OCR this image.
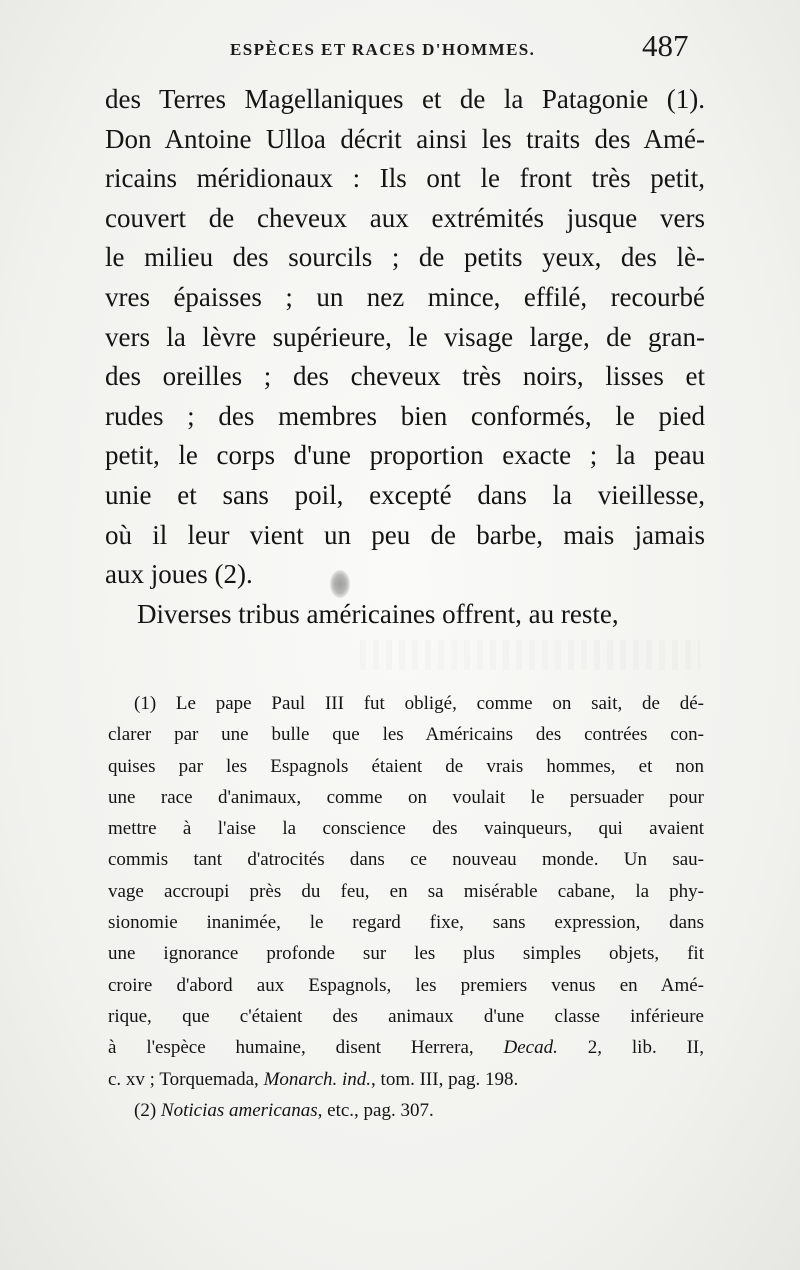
ESPÈCES ET RACES D'HOMMES.	487
des Terres Magellaniques et de la Patagonie (1).
Don Antoine Ulloa décrit ainsi les traits des Amé-
ricains méridionaux : Ils ont le front très petit,
couvert de cheveux aux extrémités jusque vers
le milieu des sourcils ; de petits yeux, des lè-
vres épaisses ; un nez mince, effilé, recourbé
vers la lèvre supérieure, le visage large, de gran-
des oreilles ; des cheveux très noirs, lisses et
rudes ; des membres bien conformés, le pied
petit, le corps d'une proportion exacte ; la peau
unie et sans poil, excepté dans la vieillesse,
où il leur vient un peu de barbe, mais jamais
aux joues (2).
Diverses tribus américaines offrent, au reste,
(1) Le pape Paul III fut obligé, comme on sait, de dé-
clarer par une bulle que les Américains des contrées con-
quises par les Espagnols étaient de vrais hommes, et non
une race d'animaux, comme on voulait le persuader pour
mettre à l'aise la conscience des vainqueurs, qui avaient
commis tant d'atrocités dans ce nouveau monde. Un sau-
vage accroupi près du feu, en sa misérable cabane, la phy-
sionomie inanimée, le regard fixe, sans expression, dans
une ignorance profonde sur les plus simples objets, fit
croire d'abord aux Espagnols, les premiers venus en Amé-
rique, que c'étaient des animaux d'une classe inférieure
à l'espèce humaine, disent Herrera, Decad. 2, lib. II,
c. xv ; Torquemada, Monarch. ind., tom. III, pag. 198.
(2) Noticias americanas, etc., pag. 307.
